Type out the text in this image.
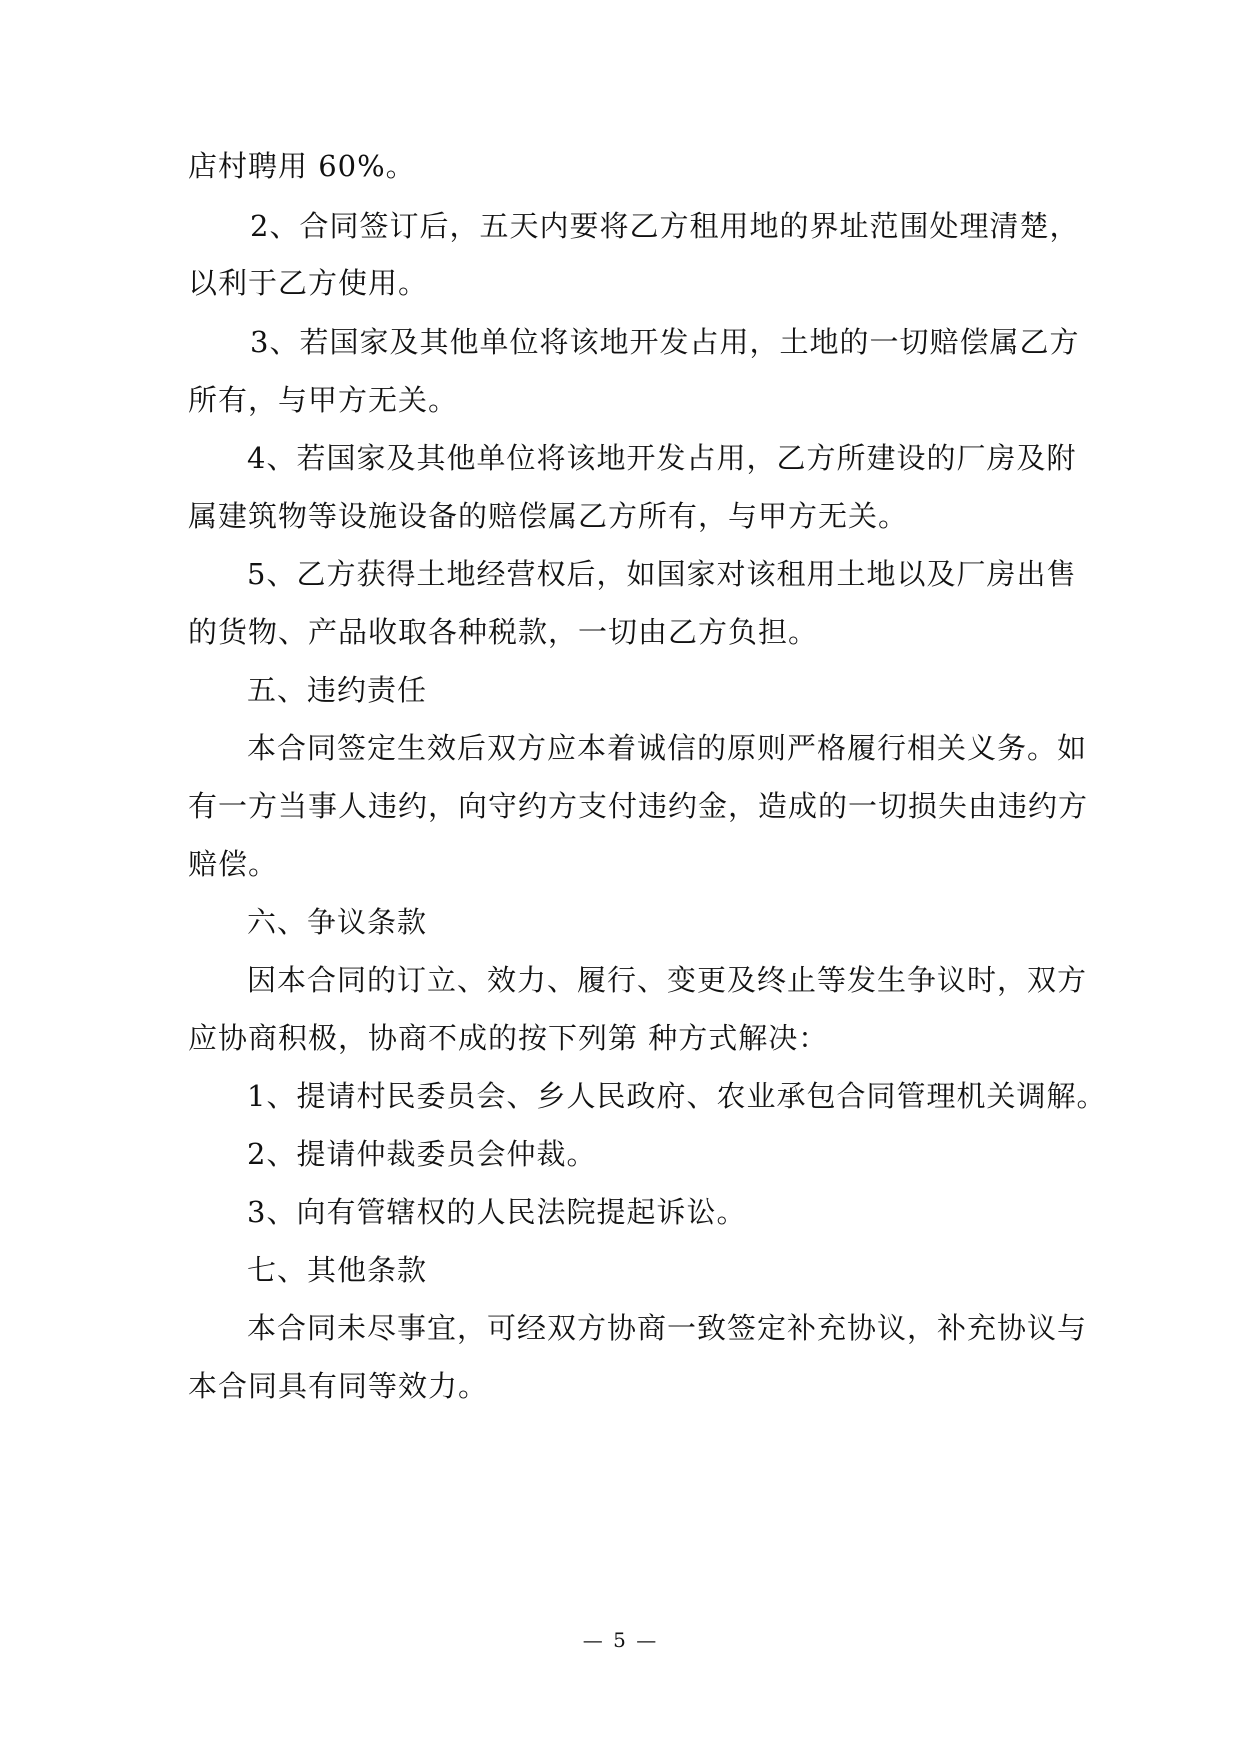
店村聘用 60%。
2、合同签订后，五天内要将乙方租用地的界址范围处理清楚，
以利于乙方使用。
3、若国家及其他单位将该地开发占用，土地的一切赔偿属乙方
所有，与甲方无关。
4、若国家及其他单位将该地开发占用，乙方所建设的厂房及附
属建筑物等设施设备的赔偿属乙方所有，与甲方无关。
5、乙方获得土地经营权后，如国家对该租用土地以及厂房出售
的货物、产品收取各种税款，一切由乙方负担。
五、违约责任
本合同签定生效后双方应本着诚信的原则严格履行相关义务。如
有一方当事人违约，向守约方支付违约金，造成的一切损失由违约方
赔偿。
六、争议条款
因本合同的订立、效力、履行、变更及终止等发生争议时，双方
应协商积极，协商不成的按下列第 种方式解决：
1、提请村民委员会、乡人民政府、农业承包合同管理机关调解。
2、提请仲裁委员会仲裁。
3、向有管辖权的人民法院提起诉讼。
七、其他条款
本合同未尽事宜，可经双方协商一致签定补充协议，补充协议与
本合同具有同等效力。
— 5 —
